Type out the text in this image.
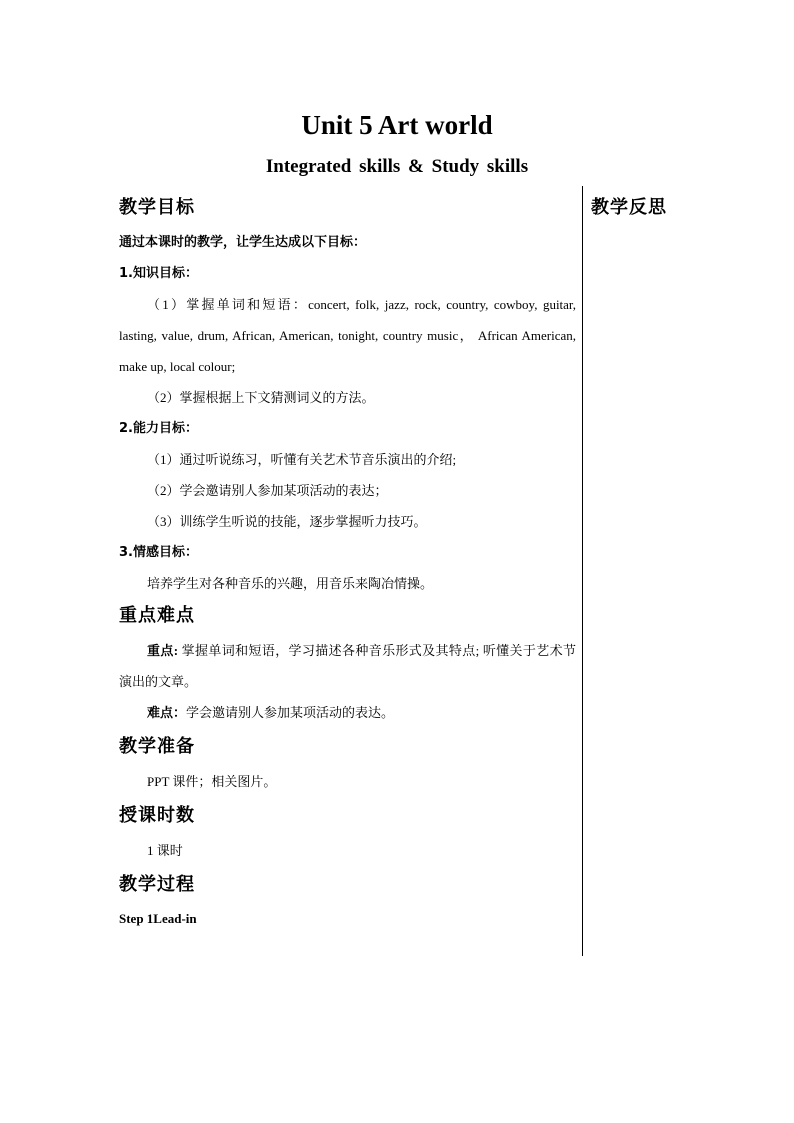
Unit 5 Art world
Integrated skills & Study skills
教学目标
通过本课时的教学，让学生达成以下目标：
1.知识目标：
（1）掌握单词和短语：concert, folk, jazz, rock, country, cowboy, guitar, lasting, value, drum, African, American, tonight, country music， African American, make up, local colour;
（2）掌握根据上下文猜测词义的方法。
2.能力目标：
（1）通过听说练习，听懂有关艺术节音乐演出的介绍;
（2）学会邀请别人参加某项活动的表达；
（3）训练学生听说的技能，逐步掌握听力技巧。
3.情感目标：
培养学生对各种音乐的兴趣，用音乐来陶冶情操。
重点难点
重点: 掌握单词和短语，学习描述各种音乐形式及其特点; 听懂关于艺术节演出的文章。
难点：学会邀请别人参加某项活动的表达。
教学准备
PPT 课件；相关图片。
授课时数
1 课时
教学过程
Step 1Lead-in
教学反思
